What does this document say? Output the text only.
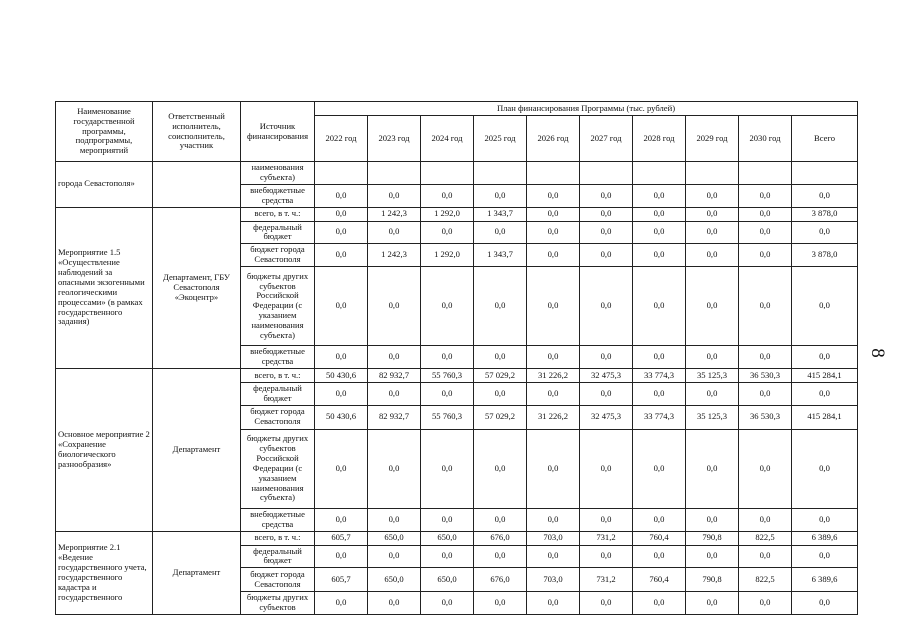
8
Наименование государственной программы, подпрограммы, мероприятий	Ответственный исполнитель, соисполнитель, участник	Источник финансирования	План финансирования Программы (тыс. рублей)									
			2022 год	2023 год	2024 год	2025 год	2026 год	2027 год	2028 год	2029 год	2030 год	Всего
города Севастополя»		наименования субъекта)										
		внебюджетные средства	0,0	0,0	0,0	0,0	0,0	0,0	0,0	0,0	0,0	0,0
Мероприятие 1.5 «Осуществление наблюдений за опасными экзогенными геологическими процессами» (в рамках государственного задания)	Департамент, ГБУ Севастополя «Экоцентр»	всего, в т. ч.:	0,0	1 242,3	1 292,0	1 343,7	0,0	0,0	0,0	0,0	0,0	3 878,0
		федеральный бюджет	0,0	0,0	0,0	0,0	0,0	0,0	0,0	0,0	0,0	0,0
		бюджет города Севастополя	0,0	1 242,3	1 292,0	1 343,7	0,0	0,0	0,0	0,0	0,0	3 878,0
		бюджеты других субъектов Российской Федерации (с указанием наименования субъекта)	0,0	0,0	0,0	0,0	0,0	0,0	0,0	0,0	0,0	0,0
		внебюджетные средства	0,0	0,0	0,0	0,0	0,0	0,0	0,0	0,0	0,0	0,0
Основное мероприятие 2 «Сохранение биологического разнообразия»	Департамент	всего, в т. ч.:	50 430,6	82 932,7	55 760,3	57 029,2	31 226,2	32 475,3	33 774,3	35 125,3	36 530,3	415 284,1
		федеральный бюджет	0,0	0,0	0,0	0,0	0,0	0,0	0,0	0,0	0,0	0,0
		бюджет города Севастополя	50 430,6	82 932,7	55 760,3	57 029,2	31 226,2	32 475,3	33 774,3	35 125,3	36 530,3	415 284,1
		бюджеты других субъектов Российской Федерации (с указанием наименования субъекта)	0,0	0,0	0,0	0,0	0,0	0,0	0,0	0,0	0,0	0,0
		внебюджетные средства	0,0	0,0	0,0	0,0	0,0	0,0	0,0	0,0	0,0	0,0
Мероприятие 2.1 «Ведение государственного учета, государственного кадастра и государственного	Департамент	всего, в т. ч.:	605,7	650,0	650,0	676,0	703,0	731,2	760,4	790,8	822,5	6 389,6
		федеральный бюджет	0,0	0,0	0,0	0,0	0,0	0,0	0,0	0,0	0,0	0,0
		бюджет города Севастополя	605,7	650,0	650,0	676,0	703,0	731,2	760,4	790,8	822,5	6 389,6
		бюджеты других субъектов	0,0	0,0	0,0	0,0	0,0	0,0	0,0	0,0	0,0	0,0
